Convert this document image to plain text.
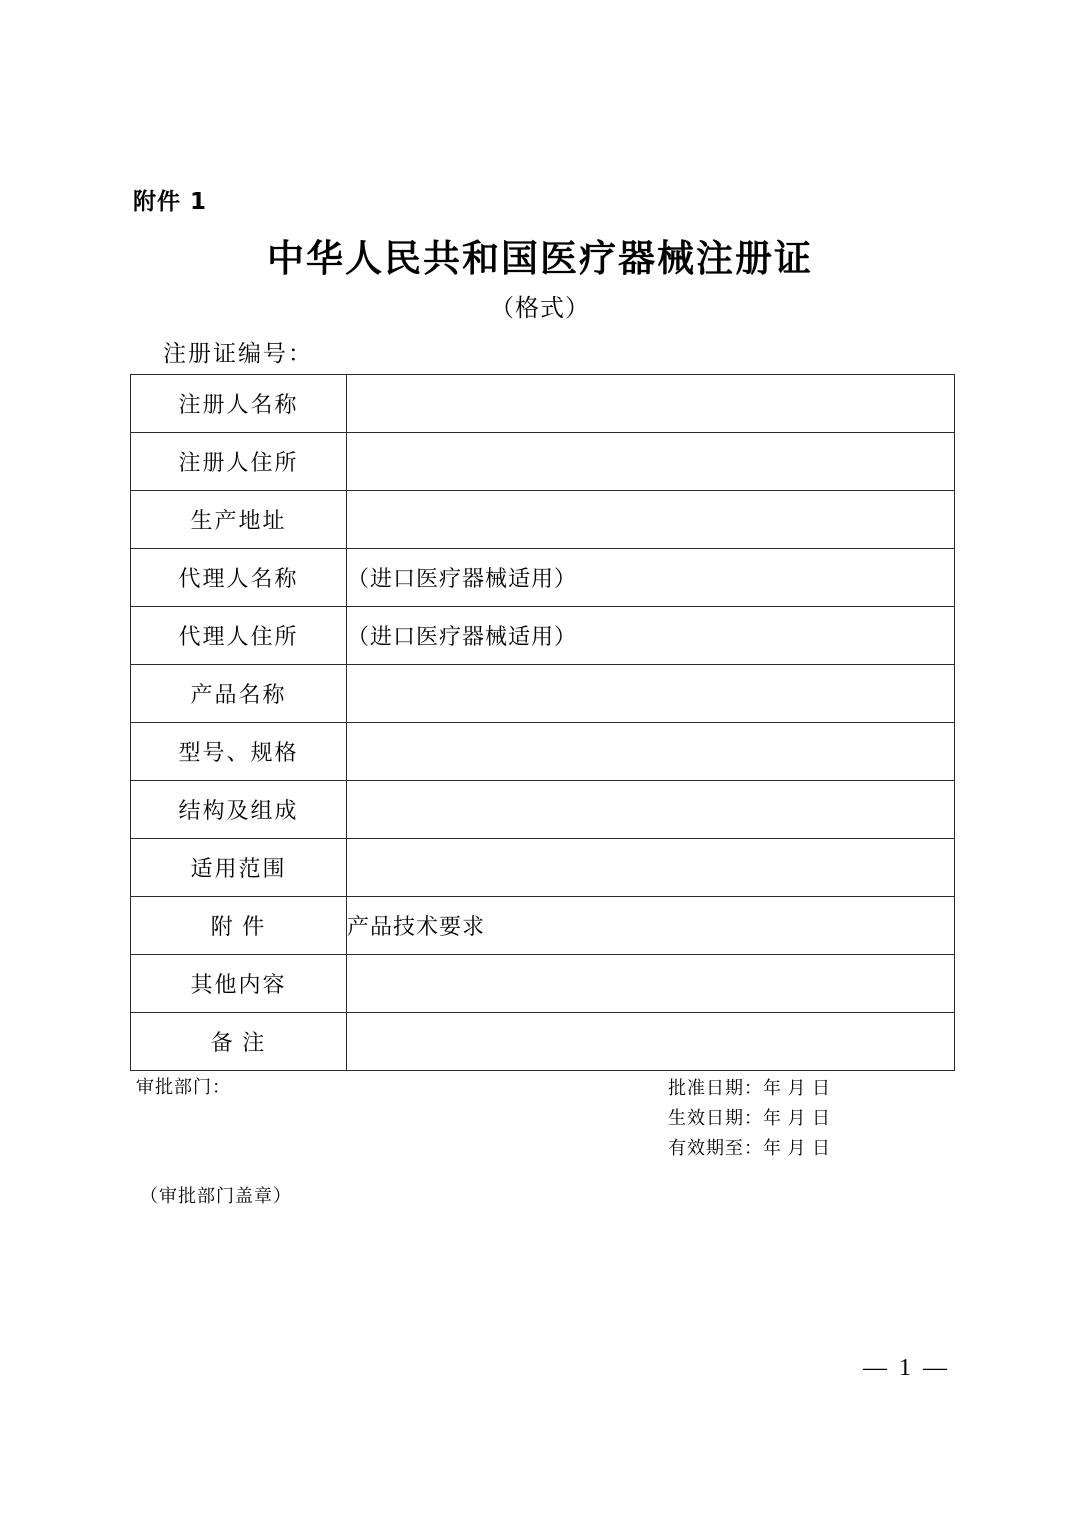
附件 1
中华人民共和国医疗器械注册证
（格式）
注册证编号：
注册人名称	
注册人住所	
生产地址	
代理人名称	（进口医疗器械适用）
代理人住所	（进口医疗器械适用）
产品名称	
型号、规格	
结构及组成	
适用范围	
附 件	产品技术要求
其他内容	
备 注	
审批部门：	批准日期：年 月 日
生效日期：年 月 日
有效期至：年 月 日
（审批部门盖章）
— 1 —
